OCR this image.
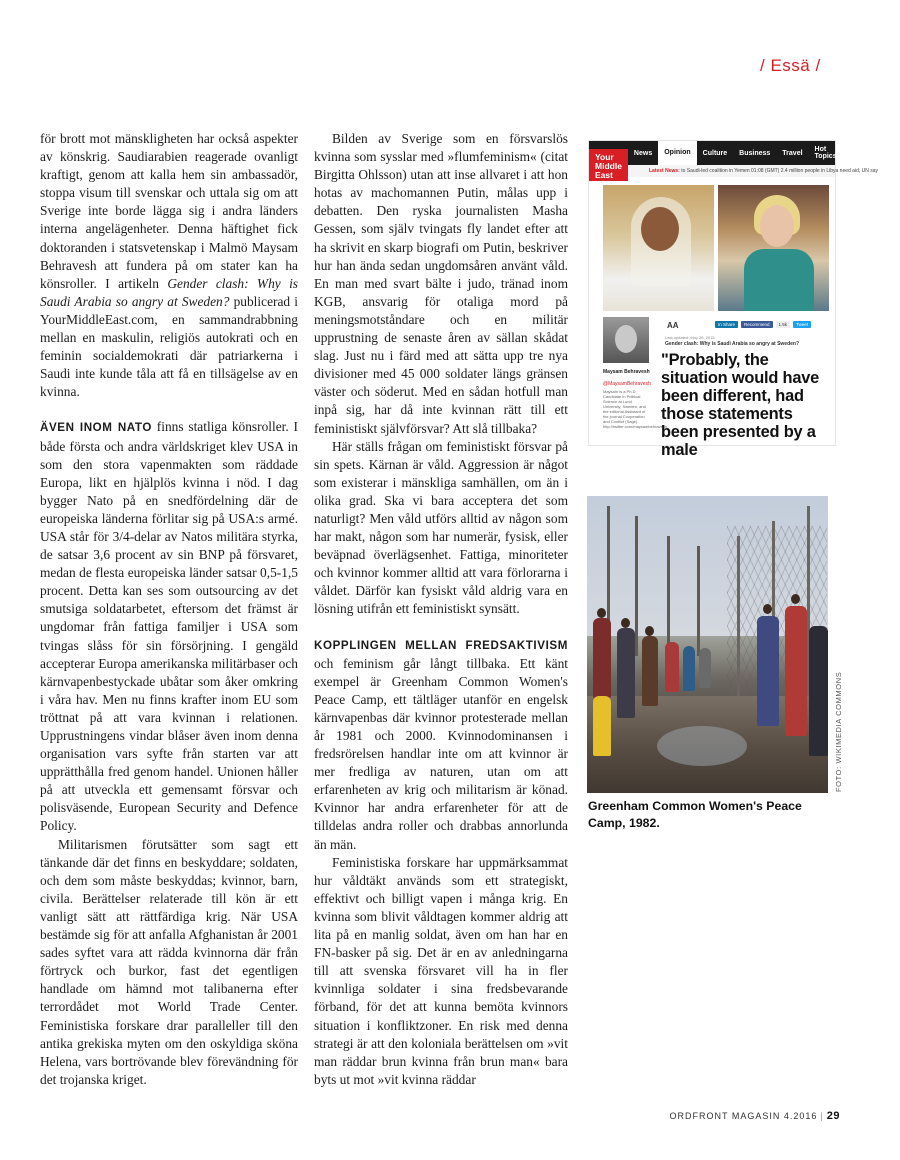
/ Essä /

för brott mot mänskligheten har också aspekter av könskrig. Saudiarabien reagerade ovanligt kraftigt, genom att kalla hem sin ambassadör, stoppa visum till svenskar och uttala sig om att Sverige inte borde lägga sig i andra länders interna angelägenheter. Denna häftighet fick doktoranden i statsvetenskap i Malmö Maysam Behravesh att fundera på om stater kan ha könsroller. I artikeln Gender clash: Why is Saudi Arabia so angry at Sweden? publicerad i YourMiddleEast.com, en sammandrabbning mellan en maskulin, religiös autokrati och en feminin socialdemokrati där patriarkerna i Saudi inte kunde tåla att få en tillsägelse av en kvinna.

ÄVEN INOM NATO finns statliga könsroller. I både första och andra världskriget klev USA in som den stora vapenmakten som räddade Europa, likt en hjälplös kvinna i nöd. I dag bygger Nato på en snedfördelning där de europeiska länderna förlitar sig på USA:s armé. USA står för 3/4-delar av Natos militära styrka, de satsar 3,6 procent av sin BNP på försvaret, medan de flesta europeiska länder satsar 0,5-1,5 procent. Detta kan ses som outsourcing av det smutsiga soldatarbetet, eftersom det främst är ungdomar från fattiga familjer i USA som tvingas slåss för sin försörjning. I gengäld accepterar Europa amerikanska militärbaser och kärnvapenbestyckade ubåtar som åker omkring i våra hav. Men nu finns krafter inom EU som tröttnat på att vara kvinnan i relationen. Upprustningens vindar blåser även inom denna organisation vars syfte från starten var att upprätthålla fred genom handel. Unionen håller på att utveckla ett gemensamt försvar och polisväsende, European Security and Defence Policy.

Militarismen förutsätter som sagt ett tänkande där det finns en beskyddare; soldaten, och dem som måste beskyddas; kvinnor, barn, civila. Berättelser relaterade till kön är ett vanligt sätt att rättfärdiga krig. När USA bestämde sig för att anfalla Afghanistan år 2001 sades syftet vara att rädda kvinnorna där från förtryck och burkor, fast det egentligen handlade om hämnd mot talibanerna efter terrordådet mot World Trade Center. Feministiska forskare drar paralleller till den antika grekiska myten om den oskyldiga sköna Helena, vars bortrövande blev förevändning för det trojanska kriget.

Bilden av Sverige som en försvarslös kvinna som sysslar med »flumfeminism« (citat Birgitta Ohlsson) utan att inse allvaret i att hon hotas av machomannen Putin, målas upp i debatten. Den ryska journalisten Masha Gessen, som själv tvingats fly landet efter att ha skrivit en skarp biografi om Putin, beskriver hur han ända sedan ungdomsåren använt våld. En man med svart bälte i judo, tränad inom KGB, ansvarig för otaliga mord på meningsmotståndare och en militär upprustning de senaste åren av sällan skådat slag. Just nu i färd med att sätta upp tre nya divisioner med 45 000 soldater längs gränsen väster och söderut. Med en sådan hotfull man inpå sig, har då inte kvinnan rätt till ett feministiskt självförsvar? Att slå tillbaka?

Här ställs frågan om feministiskt försvar på sin spets. Kärnan är våld. Aggression är något som existerar i mänskliga samhällen, om än i olika grad. Ska vi bara acceptera det som naturligt? Men våld utförs alltid av någon som har makt, någon som har numerär, fysisk, eller beväpnad överlägsenhet. Fattiga, minoriteter och kvinnor kommer alltid att vara förlorarna i våldet. Därför kan fysiskt våld aldrig vara en lösning utifrån ett feministiskt synsätt.

KOPPLINGEN MELLAN FREDSAKTIVISM och feminism går långt tillbaka. Ett känt exempel är Greenham Common Women's Peace Camp, ett tältläger utanför en engelsk kärnvapenbas där kvinnor protesterade mellan år 1981 och 2000. Kvinnodominansen i fredsrörelsen handlar inte om att kvinnor är mer fredliga av naturen, utan om att erfarenheten av krig och militarism är könad. Kvinnor har andra erfarenheter för att de tilldelas andra roller och drabbas annorlunda än män.

Feministiska forskare har uppmärksammat hur våldtäkt används som ett strategiskt, effektivt och billigt vapen i många krig. En kvinna som blivit våldtagen kommer aldrig att lita på en manlig soldat, även om han har en FN-basker på sig. Det är en av anledningarna till att svenska försvaret vill ha in fler kvinnliga soldater i sina fredsbevarande förband, för det att kunna bemöta kvinnors situation i konfliktzoner. En risk med denna strategi är att den koloniala berättelsen om »vit man räddar brun kvinna från brun man« bara byts ut mot »vit kvinna räddar

Your Middle East
News	Opinion	Culture	Business	Travel	Hot Topics
Latest News: to Saudi-led coalition in Yemen 01:08 (GMT) 2.4 million people in Libya need aid, UN say
Maysam Behravesh
@MaysamBehravesh
Maysam is a Ph.D. Candidate in Political Science at Lund University, Sweden, and the editorial Assistant of the journal Cooperation and Conflict (Sage). http://twitter.com/maysambehravesh
AA	In Share	Recommend	1.5k	Tweet
Last updated: May 26, 2015
Gender clash: Why is Saudi Arabia so angry at Sweden?
"Probably, the situation would have been different, had those statements been presented by a male
FOTO: WIKIMEDIA COMMONS
Greenham Common Women's Peace Camp, 1982.
ORDFRONT MAGASIN 4.2016 | 29
